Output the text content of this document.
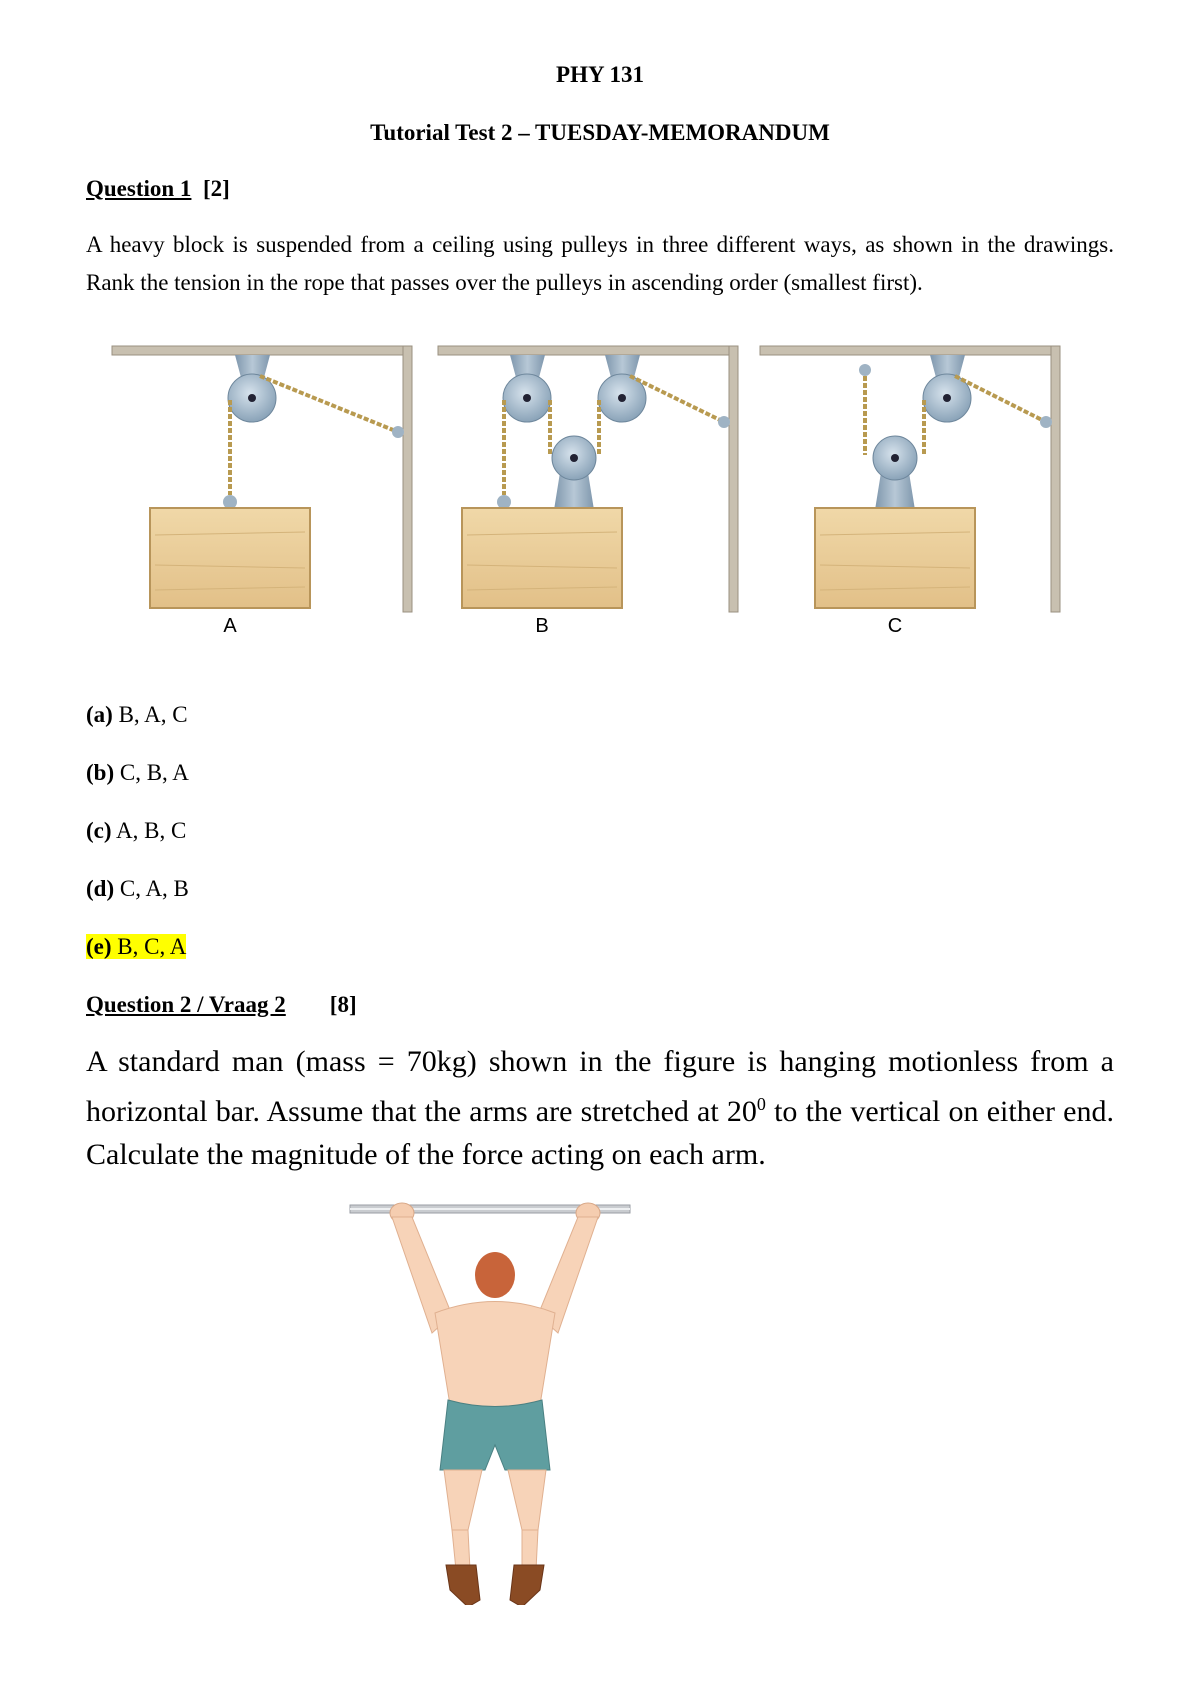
PHY 131
Tutorial Test 2 – TUESDAY-MEMORANDUM
Question 1 [2]
A heavy block is suspended from a ceiling using pulleys in three different ways, as shown in the drawings. Rank the tension in the rope that passes over the pulleys in ascending order (smallest first).
A	B	C
(a) B, A, C
(b) C, B, A
(c) A, B, C
(d) C, A, B
(e) B, C, A
Question 2 / Vraag 2 [8]
A standard man (mass = 70kg) shown in the figure is hanging motionless from a horizontal bar. Assume that the arms are stretched at $20^0$ to the vertical on either end. Calculate the magnitude of the force acting on each arm.
